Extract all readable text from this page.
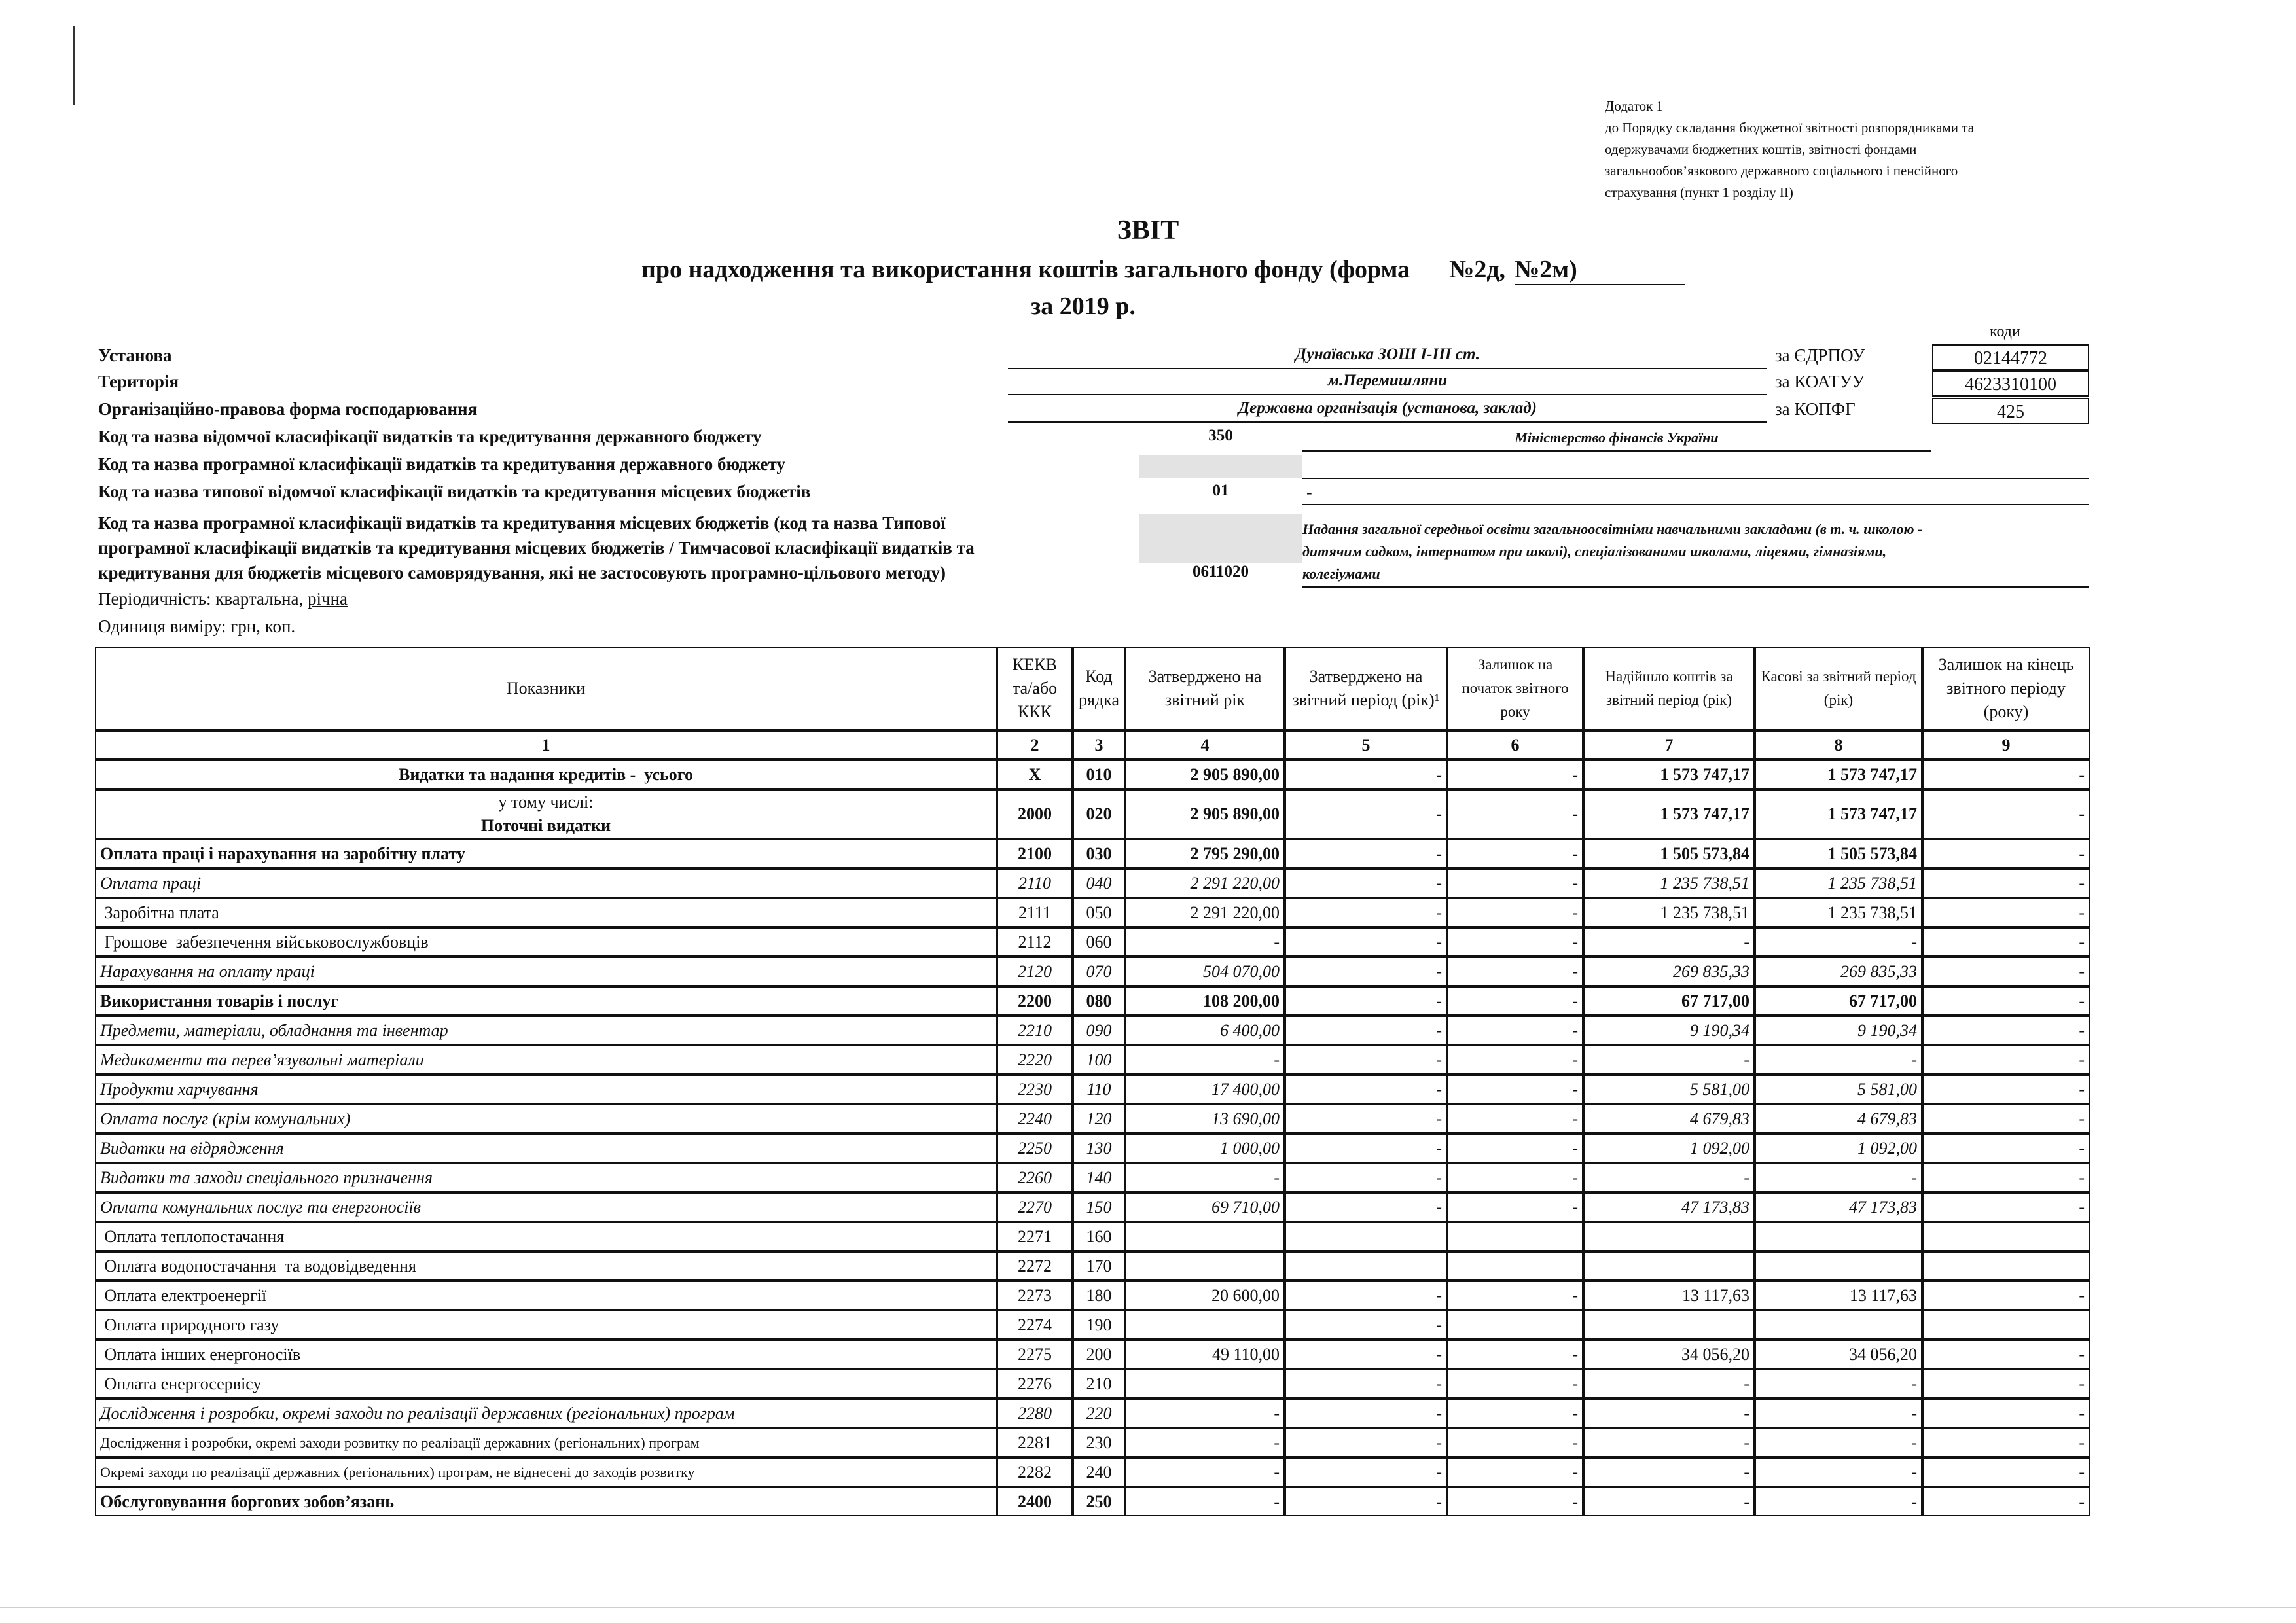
Додаток 1
до Порядку складання бюджетної звітності розпорядниками та
одержувачами бюджетних коштів, звітності фондами
загальнообов’язкового державного соціального і пенсійного
страхування (пункт 1 розділу II)
ЗВІТ
про надходження та використання коштів загального фонду (форма №2д, №2м)
за 2019 р.
коди
Установа	Дунаївська ЗОШ І-ІІІ ст.	за ЄДРПОУ	02144772
Територія	м.Перемишляни	за КОАТУУ	4623310100
Організаційно-правова форма господарювання	Державна організація (установа, заклад)	за КОПФГ	425
Код та назва відомчої класифікації видатків та кредитування державного бюджету	350	Міністерство фінансів України
Код та назва програмної класифікації видатків та кредитування державного бюджету
Код та назва типової відомчої класифікації видатків та кредитування місцевих бюджетів	01	-
Код та назва програмної класифікації видатків та кредитування місцевих бюджетів (код та назва Типової
програмної класифікації видатків та кредитування місцевих бюджетів / Тимчасової класифікації видатків та
кредитування для бюджетів місцевого самоврядування, які не застосовують програмно-цільового методу)	0611020
Надання загальної середньої освіти загальноосвітніми навчальними закладами (в т. ч. школою -
дитячим садком, інтернатом при школі), спеціалізованими школами, ліцеями, гімназіями,
колегіумами
Періодичність: квартальна, річна
Одиниця виміру: грн, коп.
Показники	КЕКВ та/або ККК	Код рядка	Затверджено на звітний рік	Затверджено на звітний період (рік)¹	Залишок на початок звітного року	Надійшло коштів за звітний період (рік)	Касові за звітний період (рік)	Залишок на кінець звітного періоду (року)
1	2	3	4	5	6	7	8	9
Видатки та надання кредитів -  усього	X	010	2 905 890,00	-	-	1 573 747,17	1 573 747,17	-

у тому числі:
Поточні видатки	2000	020	2 905 890,00	-	-	1 573 747,17	1 573 747,17	-
Оплата праці і нарахування на заробітну плату	2100	030	2 795 290,00	-	-	1 505 573,84	1 505 573,84	-
Оплата праці	2110	040	2 291 220,00	-	-	1 235 738,51	1 235 738,51	-
Заробітна плата	2111	050	2 291 220,00	-	-	1 235 738,51	1 235 738,51	-
Грошове  забезпечення військовослужбовців	2112	060	-	-	-	-	-	-
Нарахування на оплату праці	2120	070	504 070,00	-	-	269 835,33	269 835,33	-
Використання товарів і послуг	2200	080	108 200,00	-	-	67 717,00	67 717,00	-
Предмети, матеріали, обладнання та інвентар	2210	090	6 400,00	-	-	9 190,34	9 190,34	-
Медикаменти та перев’язувальні матеріали	2220	100	-	-	-	-	-	-
Продукти харчування	2230	110	17 400,00	-	-	5 581,00	5 581,00	-
Оплата послуг (крім комунальних)	2240	120	13 690,00	-	-	4 679,83	4 679,83	-
Видатки на відрядження	2250	130	1 000,00	-	-	1 092,00	1 092,00	-
Видатки та заходи спеціального призначення	2260	140	-	-	-	-	-	-
Оплата комунальних послуг та енергоносіїв	2270	150	69 710,00	-	-	47 173,83	47 173,83	-
Оплата теплопостачання	2271	160						
Оплата водопостачання  та водовідведення	2272	170						
Оплата електроенергії	2273	180	20 600,00	-	-	13 117,63	13 117,63	-
Оплата природного газу	2274	190		-				
Оплата інших енергоносіїв	2275	200	49 110,00	-	-	34 056,20	34 056,20	-
Оплата енергосервісу	2276	210		-	-	-	-	-
Дослідження і розробки, окремі заходи по реалізації державних (регіональних) програм	2280	220	-	-	-	-	-	-
Дослідження і розробки, окремі заходи розвитку по реалізації державних (регіональних) програм	2281	230	-	-	-	-	-	-
Окремі заходи по реалізації державних (регіональних) програм, не віднесені до заходів розвитку	2282	240	-	-	-	-	-	-
Обслуговування боргових зобов’язань	2400	250	-	-	-	-	-	-
